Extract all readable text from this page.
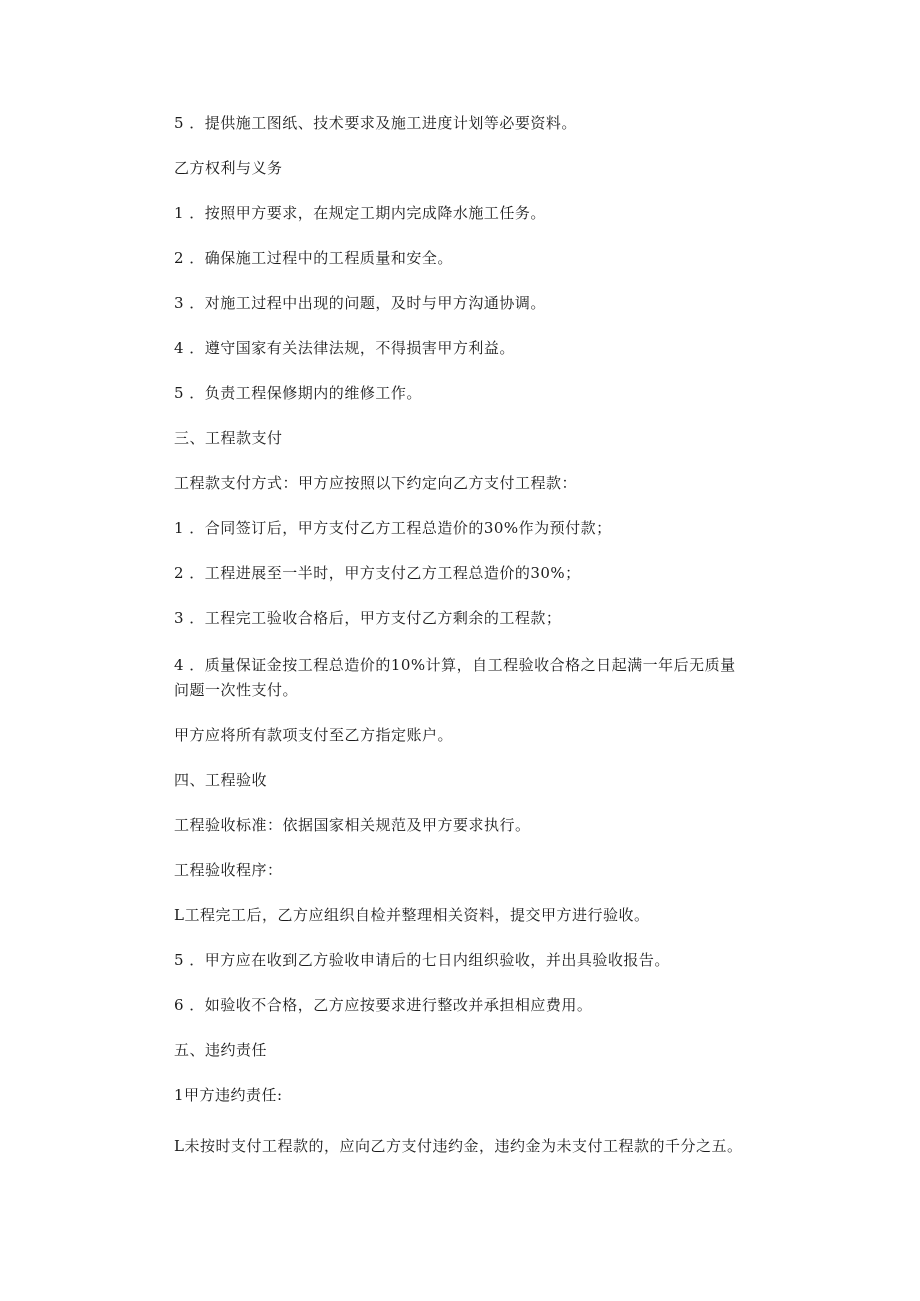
5 ．提供施工图纸、技术要求及施工进度计划等必要资料。

乙方权利与义务

1 ．按照甲方要求，在规定工期内完成降水施工任务。

2 ．确保施工过程中的工程质量和安全。

3 ．对施工过程中出现的问题，及时与甲方沟通协调。

4 ．遵守国家有关法律法规，不得损害甲方利益。

5 ．负责工程保修期内的维修工作。

三、工程款支付

工程款支付方式：甲方应按照以下约定向乙方支付工程款：

1 ．合同签订后，甲方支付乙方工程总造价的30%作为预付款；

2 ．工程进展至一半时，甲方支付乙方工程总造价的30%；

3 ．工程完工验收合格后，甲方支付乙方剩余的工程款；

4 ．质量保证金按工程总造价的10%计算，自工程验收合格之日起满一年后无质量

问题一次性支付。

甲方应将所有款项支付至乙方指定账户。

四、工程验收

工程验收标准：依据国家相关规范及甲方要求执行。

工程验收程序：

L工程完工后，乙方应组织自检并整理相关资料，提交甲方进行验收。

5 ．甲方应在收到乙方验收申请后的七日内组织验收，并出具验收报告。

6 ．如验收不合格，乙方应按要求进行整改并承担相应费用。

五、违约责任

1甲方违约责任:

L未按时支付工程款的，应向乙方支付违约金，违约金为未支付工程款的千分之五。
